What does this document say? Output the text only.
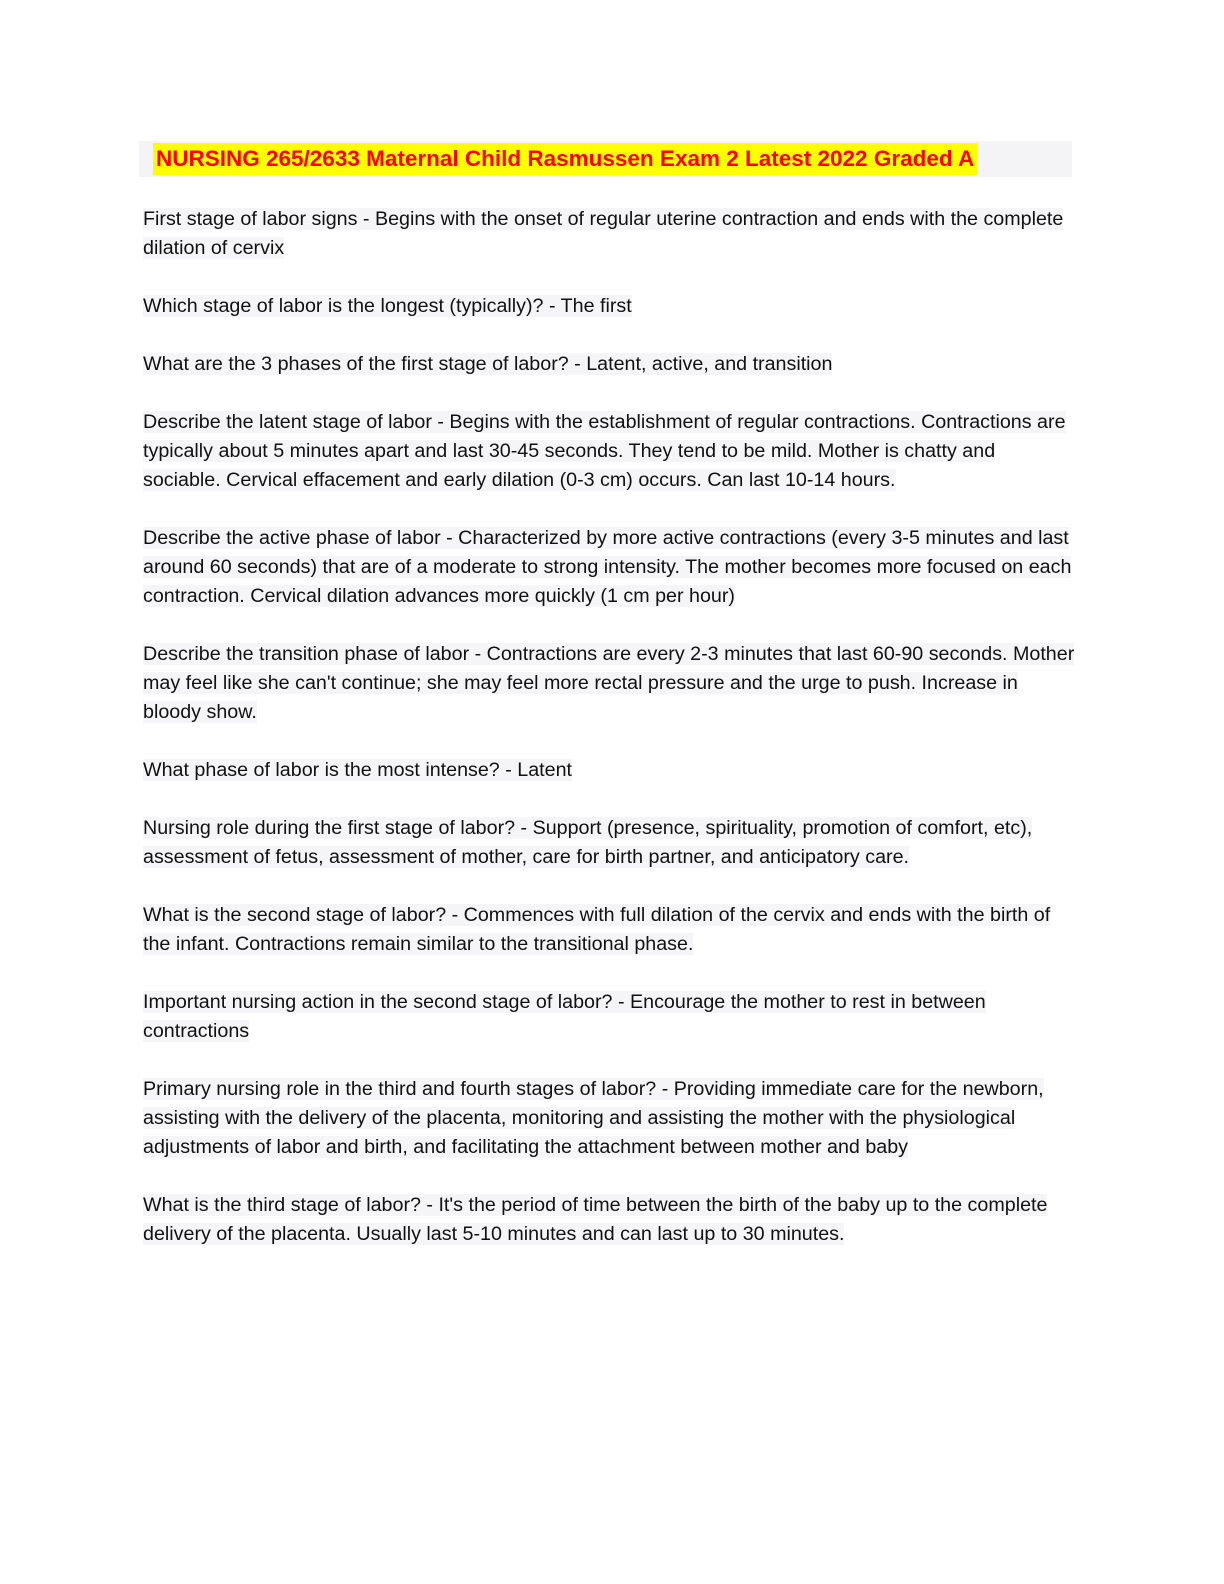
NURSING 265/2633 Maternal Child Rasmussen Exam 2 Latest 2022 Graded A

First stage of labor signs - Begins with the onset of regular uterine contraction and ends with the complete dilation of cervix

Which stage of labor is the longest (typically)? - The first

What are the 3 phases of the first stage of labor? - Latent, active, and transition

Describe the latent stage of labor - Begins with the establishment of regular contractions. Contractions are typically about 5 minutes apart and last 30-45 seconds. They tend to be mild. Mother is chatty and sociable. Cervical effacement and early dilation (0-3 cm) occurs. Can last 10-14 hours.

Describe the active phase of labor - Characterized by more active contractions (every 3-5 minutes and last around 60 seconds) that are of a moderate to strong intensity. The mother becomes more focused on each contraction. Cervical dilation advances more quickly (1 cm per hour)

Describe the transition phase of labor - Contractions are every 2-3 minutes that last 60-90 seconds. Mother may feel like she can't continue; she may feel more rectal pressure and the urge to push. Increase in bloody show.

What phase of labor is the most intense? - Latent

Nursing role during the first stage of labor? - Support (presence, spirituality, promotion of comfort, etc), assessment of fetus, assessment of mother, care for birth partner, and anticipatory care.

What is the second stage of labor? - Commences with full dilation of the cervix and ends with the birth of the infant. Contractions remain similar to the transitional phase.

Important nursing action in the second stage of labor? - Encourage the mother to rest in between contractions

Primary nursing role in the third and fourth stages of labor? - Providing immediate care for the newborn, assisting with the delivery of the placenta, monitoring and assisting the mother with the physiological adjustments of labor and birth, and facilitating the attachment between mother and baby

What is the third stage of labor? - It's the period of time between the birth of the baby up to the complete delivery of the placenta. Usually last 5-10 minutes and can last up to 30 minutes.
